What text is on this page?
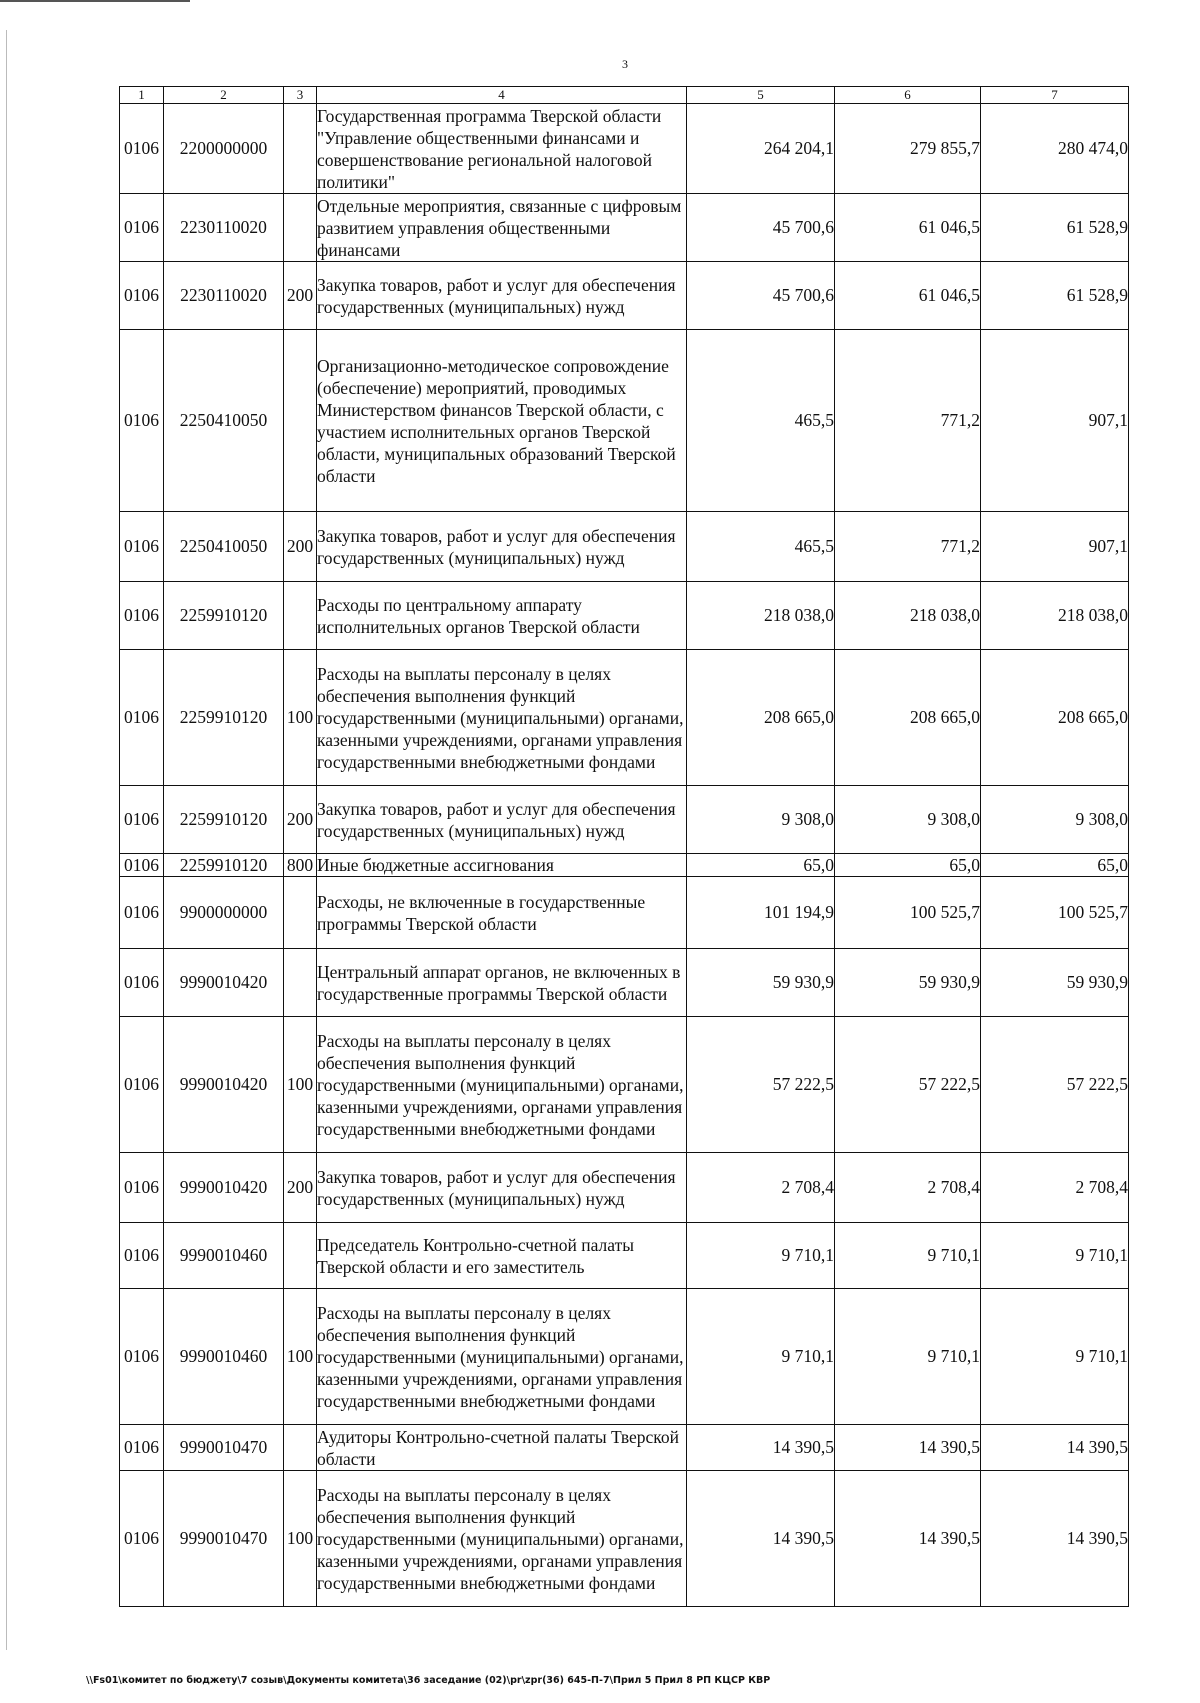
3
1	2	3	4	5	6	7
0106	2200000000		Государственная программа Тверской области "Управление общественными финансами и совершенствование региональной налоговой политики"	264 204,1	279 855,7	280 474,0
0106	2230110020		Отдельные мероприятия, связанные с цифровым развитием управления общественными финансами	45 700,6	61 046,5	61 528,9
0106	2230110020	200	Закупка товаров, работ и услуг для обеспечения государственных (муниципальных) нужд	45 700,6	61 046,5	61 528,9
0106	2250410050		Организационно-методическое сопровождение (обеспечение) мероприятий, проводимых Министерством финансов Тверской области, с участием исполнительных органов Тверской области, муниципальных образований Тверской области	465,5	771,2	907,1
0106	2250410050	200	Закупка товаров, работ и услуг для обеспечения государственных (муниципальных) нужд	465,5	771,2	907,1
0106	2259910120		Расходы по центральному аппарату исполнительных органов Тверской области	218 038,0	218 038,0	218 038,0
0106	2259910120	100	Расходы на выплаты персоналу в целях обеспечения выполнения функций государственными (муниципальными) органами, казенными учреждениями, органами управления государственными внебюджетными фондами	208 665,0	208 665,0	208 665,0
0106	2259910120	200	Закупка товаров, работ и услуг для обеспечения государственных (муниципальных) нужд	9 308,0	9 308,0	9 308,0
0106	2259910120	800	Иные бюджетные ассигнования	65,0	65,0	65,0
0106	9900000000		Расходы, не включенные в государственные программы Тверской области	101 194,9	100 525,7	100 525,7
0106	9990010420		Центральный аппарат органов, не включенных в государственные программы Тверской области	59 930,9	59 930,9	59 930,9
0106	9990010420	100	Расходы на выплаты персоналу в целях обеспечения выполнения функций государственными (муниципальными) органами, казенными учреждениями, органами управления государственными внебюджетными фондами	57 222,5	57 222,5	57 222,5
0106	9990010420	200	Закупка товаров, работ и услуг для обеспечения государственных (муниципальных) нужд	2 708,4	2 708,4	2 708,4
0106	9990010460		Председатель Контрольно-счетной палаты Тверской области и его заместитель	9 710,1	9 710,1	9 710,1
0106	9990010460	100	Расходы на выплаты персоналу в целях обеспечения выполнения функций государственными (муниципальными) органами, казенными учреждениями, органами управления государственными внебюджетными фондами	9 710,1	9 710,1	9 710,1
0106	9990010470		Аудиторы Контрольно-счетной палаты Тверской области	14 390,5	14 390,5	14 390,5
0106	9990010470	100	Расходы на выплаты персоналу в целях обеспечения выполнения функций государственными (муниципальными) органами, казенными учреждениями, органами управления государственными внебюджетными фондами	14 390,5	14 390,5	14 390,5
\\Fs01\комитет по бюджету\7 созыв\Документы комитета\36 заседание (02)\pr\zpr(36) 645-П-7\Прил 5 Прил 8 РП КЦСР КВР
